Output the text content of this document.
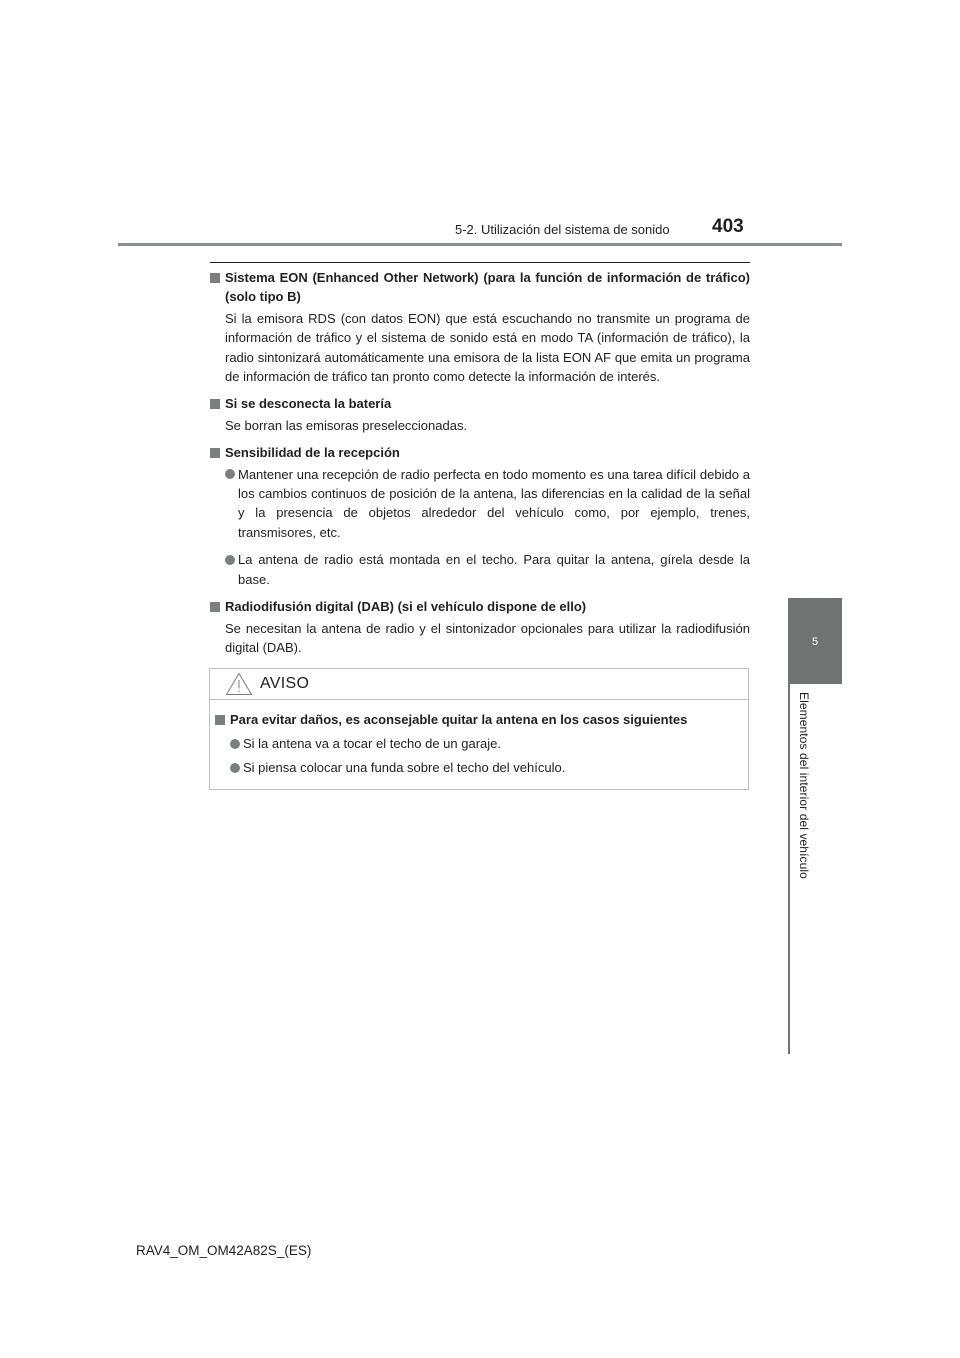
5-2. Utilización del sistema de sonido 403
5
Elementos del interior del vehículo
Sistema EON (Enhanced Other Network) (para la función de información de tráfico) (solo tipo B)
Si la emisora RDS (con datos EON) que está escuchando no transmite un programa de información de tráfico y el sistema de sonido está en modo TA (información de tráfico), la radio sintonizará automáticamente una emisora de la lista EON AF que emita un programa de información de tráfico tan pronto como detecte la información de interés.
Si se desconecta la batería
Se borran las emisoras preseleccionadas.
Sensibilidad de la recepción
Mantener una recepción de radio perfecta en todo momento es una tarea difícil debido a los cambios continuos de posición de la antena, las diferencias en la calidad de la señal y la presencia de objetos alrededor del vehículo como, por ejemplo, trenes, transmisores, etc.
La antena de radio está montada en el techo. Para quitar la antena, gírela desde la base.
Radiodifusión digital (DAB) (si el vehículo dispone de ello)
Se necesitan la antena de radio y el sintonizador opcionales para utilizar la radiodifusión digital (DAB).
AVISO
Para evitar daños, es aconsejable quitar la antena en los casos siguientes
Si la antena va a tocar el techo de un garaje.
Si piensa colocar una funda sobre el techo del vehículo.
RAV4_OM_OM42A82S_(ES)
